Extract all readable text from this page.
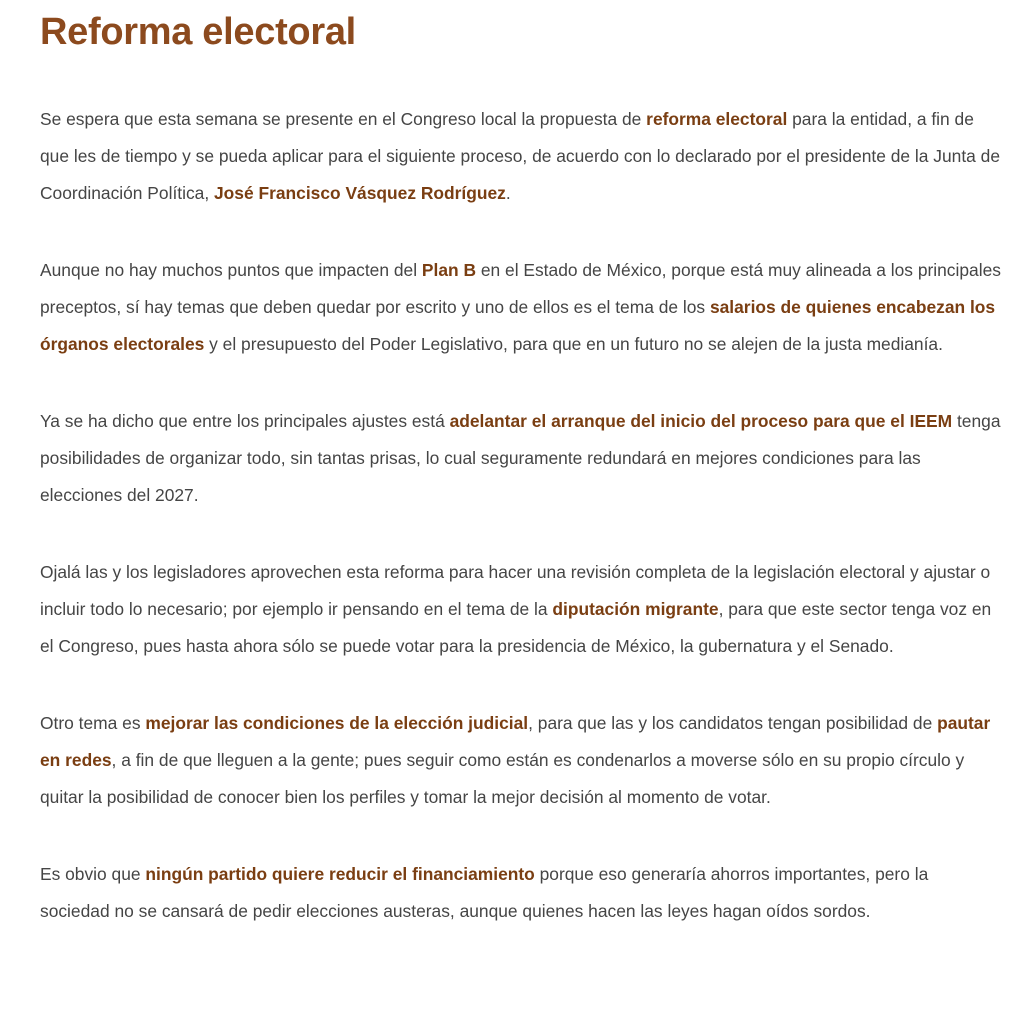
Reforma electoral

Se espera que esta semana se presente en el Congreso local la propuesta de reforma electoral para la entidad, a fin de que les de tiempo y se pueda aplicar para el siguiente proceso, de acuerdo con lo declarado por el presidente de la Junta de Coordinación Política, José Francisco Vásquez Rodríguez.

Aunque no hay muchos puntos que impacten del Plan B en el Estado de México, porque está muy alineada a los principales preceptos, sí hay temas que deben quedar por escrito y uno de ellos es el tema de los salarios de quienes encabezan los órganos electorales y el presupuesto del Poder Legislativo, para que en un futuro no se alejen de la justa medianía.

Ya se ha dicho que entre los principales ajustes está adelantar el arranque del inicio del proceso para que el IEEM tenga posibilidades de organizar todo, sin tantas prisas, lo cual seguramente redundará en mejores condiciones para las elecciones del 2027.

Ojalá las y los legisladores aprovechen esta reforma para hacer una revisión completa de la legislación electoral y ajustar o incluir todo lo necesario; por ejemplo ir pensando en el tema de la diputación migrante, para que este sector tenga voz en el Congreso, pues hasta ahora sólo se puede votar para la presidencia de México, la gubernatura y el Senado.

Otro tema es mejorar las condiciones de la elección judicial, para que las y los candidatos tengan posibilidad de pautar en redes, a fin de que lleguen a la gente; pues seguir como están es condenarlos a moverse sólo en su propio círculo y quitar la posibilidad de conocer bien los perfiles y tomar la mejor decisión al momento de votar.

Es obvio que ningún partido quiere reducir el financiamiento porque eso generaría ahorros importantes, pero la sociedad no se cansará de pedir elecciones austeras, aunque quienes hacen las leyes hagan oídos sordos.
